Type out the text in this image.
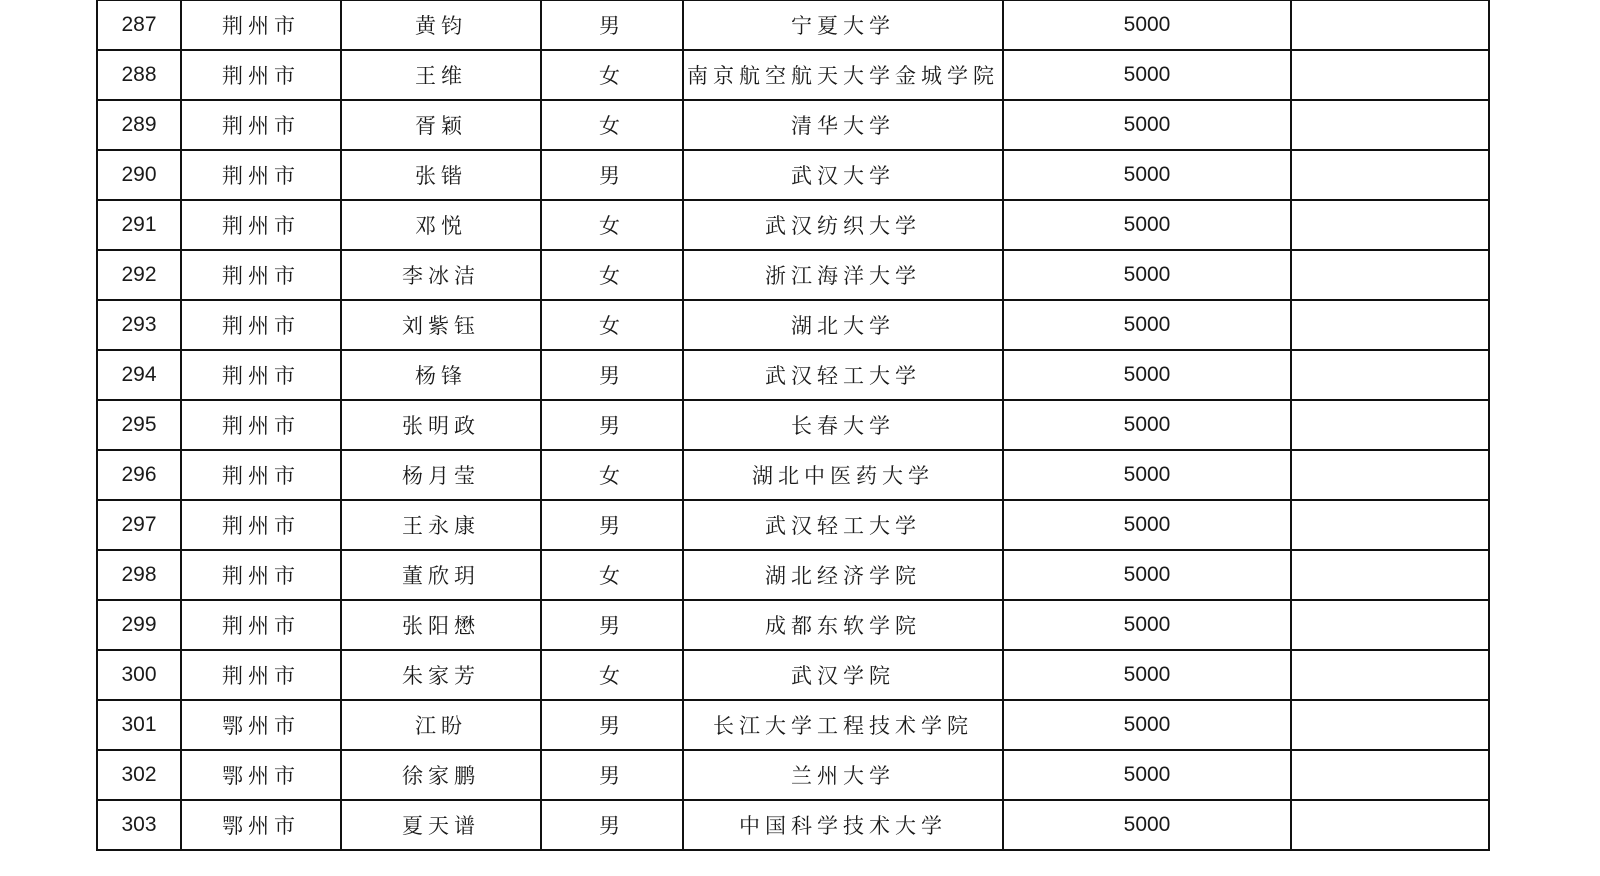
287	荆州市	黄钧	男	宁夏大学	5000	
288	荆州市	王维	女	南京航空航天大学金城学院	5000	
289	荆州市	胥颖	女	清华大学	5000	
290	荆州市	张锴	男	武汉大学	5000	
291	荆州市	邓悦	女	武汉纺织大学	5000	
292	荆州市	李冰洁	女	浙江海洋大学	5000	
293	荆州市	刘紫钰	女	湖北大学	5000	
294	荆州市	杨锋	男	武汉轻工大学	5000	
295	荆州市	张明政	男	长春大学	5000	
296	荆州市	杨月莹	女	湖北中医药大学	5000	
297	荆州市	王永康	男	武汉轻工大学	5000	
298	荆州市	董欣玥	女	湖北经济学院	5000	
299	荆州市	张阳懋	男	成都东软学院	5000	
300	荆州市	朱家芳	女	武汉学院	5000	
301	鄂州市	江盼	男	长江大学工程技术学院	5000	
302	鄂州市	徐家鹏	男	兰州大学	5000	
303	鄂州市	夏天谱	男	中国科学技术大学	5000	
